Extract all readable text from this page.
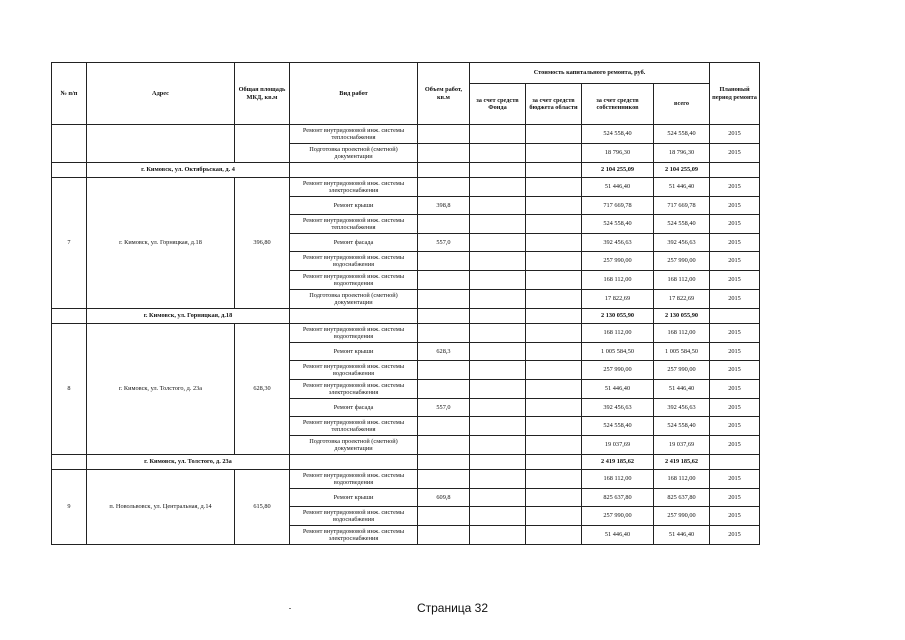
№ п/п	Адрес	Общая площадь МКД, кв.м	Вид работ	Объем работ, кв.м	Стоимость капитального ремонта, руб.				Плановый период ремонта
					за счет средств Фонда	за счет средств бюджета области	за счет средств собственников	всего	
			Ремонт внутридомовой инж. системы теплоснабжения				524 558,40	524 558,40	2015
			Подготовка проектной (сметной) документации				18 796,30	18 796,30	2015
	г. Кимовск, ул. Октябрьская, д. 4						2 104 255,09	2 104 255,09	
7	г. Кимовск, ул. Горняцкая, д.18	396,80	Ремонт внутридомовой инж. системы электроснабжения				51 446,40	51 446,40	2015
			Ремонт крыши	398,8			717 669,78	717 669,78	2015
			Ремонт внутридомовой инж. системы теплоснабжения				524 558,40	524 558,40	2015
			Ремонт фасада	557,0			392 456,63	392 456,63	2015
			Ремонт внутридомовой инж. системы водоснабжения				257 990,00	257 990,00	2015
			Ремонт внутридомовой инж. системы водоотведения				168 112,00	168 112,00	2015
			Подготовка проектной (сметной) документации				17 822,69	17 822,69	2015
	г. Кимовск, ул. Горняцкая, д.18						2 130 055,90	2 130 055,90	
8	г. Кимовск, ул. Толстого, д. 23а	628,30	Ремонт внутридомовой инж. системы водоотведения				168 112,00	168 112,00	2015
			Ремонт крыши	628,3			1 005 584,50	1 005 584,50	2015
			Ремонт внутридомовой инж. системы водоснабжения				257 990,00	257 990,00	2015
			Ремонт внутридомовой инж. системы электроснабжения				51 446,40	51 446,40	2015
			Ремонт фасада	557,0			392 456,63	392 456,63	2015
			Ремонт внутридомовой инж. системы теплоснабжения				524 558,40	524 558,40	2015
			Подготовка проектной (сметной) документации				19 037,69	19 037,69	2015
	г. Кимовск, ул. Толстого, д. 23а						2 419 185,62	2 419 185,62	
9	п. Новольвовск, ул. Центральная, д.14	615,80	Ремонт внутридомовой инж. системы водоотведения				168 112,00	168 112,00	2015
			Ремонт крыши	609,8			825 637,80	825 637,80	2015
			Ремонт внутридомовой инж. системы водоснабжения				257 990,00	257 990,00	2015
			Ремонт внутридомовой инж. системы электроснабжения				51 446,40	51 446,40	2015
Страница 32
